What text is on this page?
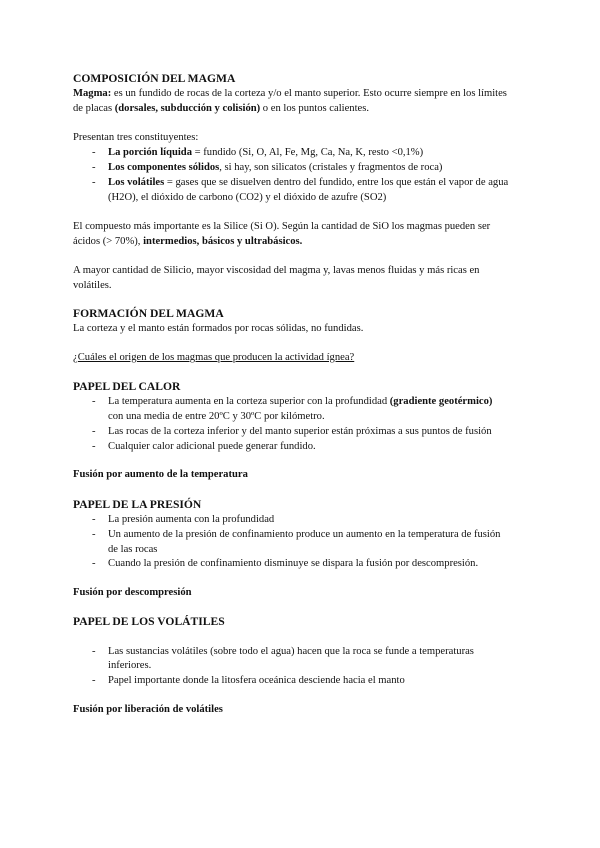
COMPOSICIÓN DEL MAGMA
Magma: es un fundido de rocas de la corteza y/o el manto superior. Esto ocurre siempre en los límites
de placas (dorsales, subducción y colisión) o en los puntos calientes.
Presentan tres constituyentes:
- La porción líquida = fundido (Si, O, Al, Fe, Mg, Ca, Na, K, resto <0,1%)
- Los componentes sólidos, si hay, son silicatos (cristales y fragmentos de roca)
- Los volátiles = gases que se disuelven dentro del fundido, entre los que están el vapor de agua
(H2O), el dióxido de carbono (CO2) y el dióxido de azufre (SO2)
El compuesto más importante es la Silice (Si O). Según la cantidad de SiO los magmas pueden ser
ácidos (> 70%), intermedios, básicos y ultrabásicos.
A mayor cantidad de Silicio, mayor viscosidad del magma y, lavas menos fluidas y más ricas en
volátiles.
FORMACIÓN DEL MAGMA
La corteza y el manto están formados por rocas sólidas, no fundidas.
¿Cuáles el origen de los magmas que producen la actividad ígnea?
PAPEL DEL CALOR
- La temperatura aumenta en la corteza superior con la profundidad (gradiente geotérmico)
con una media de entre 20ºC y 30ºC por kilómetro.
- Las rocas de la corteza inferior y del manto superior están próximas a sus puntos de fusión
- Cualquier calor adicional puede generar fundido.
Fusión por aumento de la temperatura
PAPEL DE LA PRESIÓN
- La presión aumenta con la profundidad
- Un aumento de la presión de confinamiento produce un aumento en la temperatura de fusión
de las rocas
- Cuando la presión de confinamiento disminuye se dispara la fusión por descompresión.
Fusión por descompresión
PAPEL DE LOS VOLÁTILES
- Las sustancias volátiles (sobre todo el agua) hacen que la roca se funde a temperaturas
inferiores.
- Papel importante donde la litosfera oceánica desciende hacia el manto
Fusión por liberación de volátiles
